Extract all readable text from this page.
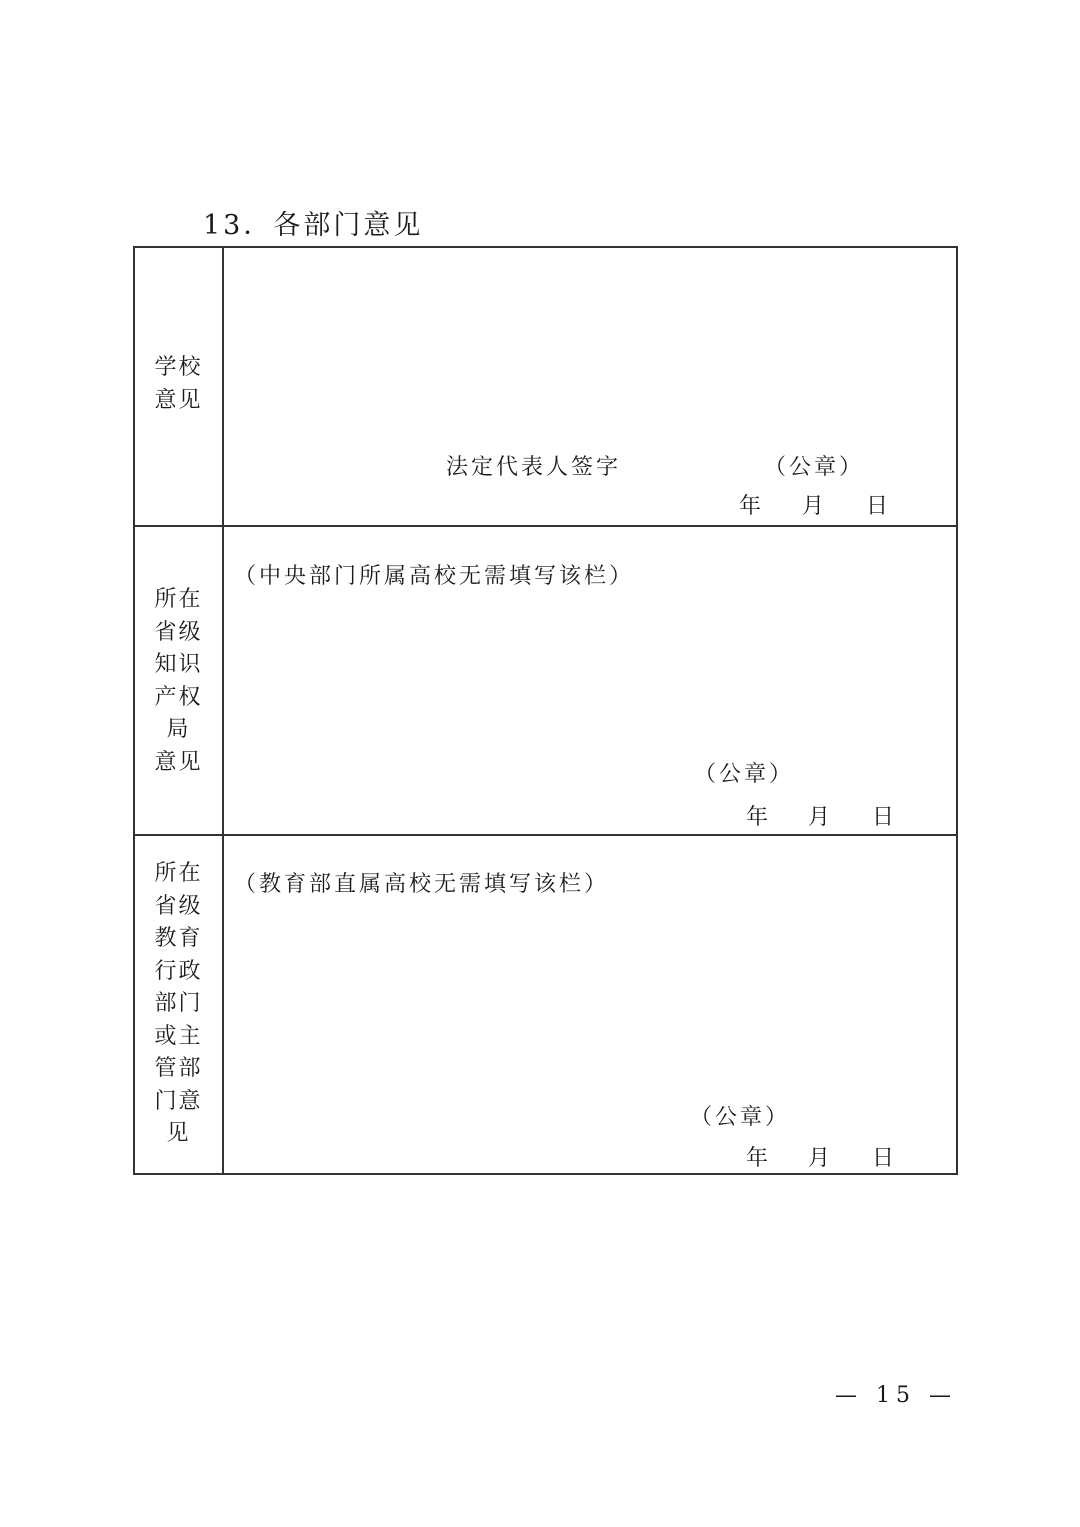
13．各部门意见
学校
意见
法定代表人签字	（公章）
年 月 日
所在
省级
知识
产权
局
意见
（中央部门所属高校无需填写该栏）
（公章）
年 月 日
所在
省级
教育
行政
部门
或主
管部
门意
见
（教育部直属高校无需填写该栏）
（公章）
年 月 日
— 15 —
